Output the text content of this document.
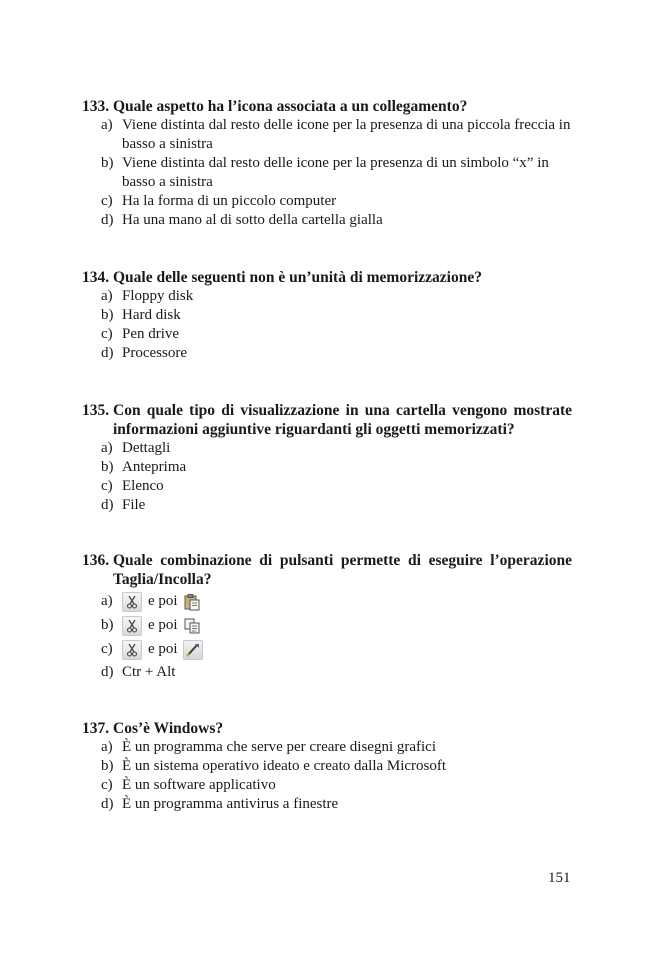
133. Quale aspetto ha l’icona associata a un collegamento?
a) Viene distinta dal resto delle icone per la presenza di una piccola freccia in basso a sinistra
b) Viene distinta dal resto delle icone per la presenza di un simbolo “x” in basso a sinistra
c) Ha la forma di un piccolo computer
d) Ha una mano al di sotto della cartella gialla
134. Quale delle seguenti non è un’unità di memorizzazione?
a) Floppy disk
b) Hard disk
c) Pen drive
d) Processore
135. Con quale tipo di visualizzazione in una cartella vengono mostrate informazioni aggiuntive riguardanti gli oggetti memorizzati?
a) Dettagli
b) Anteprima
c) Elenco
d) File
136. Quale combinazione di pulsanti permette di eseguire l’operazione Taglia/Incolla?
a)	e poi
b)	e poi
c)	e poi
d) Ctr + Alt
137. Cos’è Windows?
a) È un programma che serve per creare disegni grafici
b) È un sistema operativo ideato e creato dalla Microsoft
c) È un software applicativo
d) È un programma antivirus a finestre
151
